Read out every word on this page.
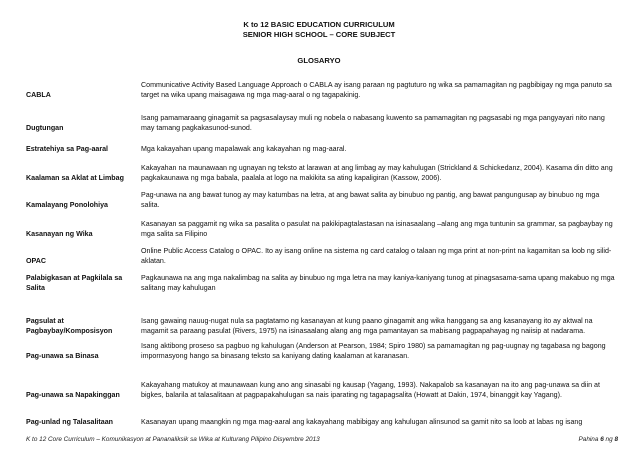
K to 12 BASIC EDUCATION CURRICULUM
SENIOR HIGH SCHOOL – CORE SUBJECT
GLOSARYO
CABLA	Communicative Activity Based Language Approach o CABLA ay isang paraan ng pagtuturo ng wika sa pamamagitan ng pagbibigay ng mga panuto sa target na wika upang maisagawa ng mga mag-aaral o ng tagapakinig.
Dugtungan	Isang pamamaraang ginagamit sa pagsasalaysay muli ng nobela o nabasang kuwento sa pamamagitan ng pagsasabi ng mga pangyayari nito nang may tamang pagkakasunod-sunod.
Estratehiya sa Pag-aaral	Mga kakayahan upang mapalawak ang kakayahan ng mag-aaral.
Kaalaman sa Aklat at Limbag	Kakayahan na maunawaan ng ugnayan ng teksto at larawan at ang limbag ay may kahulugan (Strickland & Schickedanz, 2004). Kasama din ditto ang pagkakaunawa ng mga babala, paalala at logo na makikita sa ating kapaligiran (Kassow, 2006).
Kamalayang Ponolohiya	Pag-unawa na ang bawat tunog ay may katumbas na letra, at ang bawat salita ay binubuo ng pantig, ang bawat pangungusap ay binubuo ng mga salita.
Kasanayan ng Wika	Kasanayan sa paggamit ng wika sa pasalita o pasulat na pakikipagtalastasan na isinasaalang –alang ang mga tuntunin sa grammar, sa pagbaybay ng mga salita sa Filipino
OPAC	Online Public Access Catalog o OPAC. Ito ay isang online na sistema ng card catalog o talaan ng mga print at non-print na kagamitan sa loob ng silid-aklatan.
Palabigkasan at Pagkilala sa Salita	Pagkaunawa na ang mga nakalimbag na salita ay binubuo ng mga letra na may kaniya-kaniyang tunog at pinagsasama-sama upang makabuo ng mga salitang may kahulugan
Pagsulat at Pagbaybay/Komposisyon	Isang gawaing nauug-nugat nula sa pagtatamo ng kasanayan at kung paano ginagamit ang wika hanggang sa ang kasanayang ito ay aktwal na magamit sa paraang pasulat (Rivers, 1975) na isinasaalang alang ang mga pamantayan sa mabisang pagpapahayag ng naiisip at nadarama.
Pag-unawa sa Binasa	Isang aktibong proseso sa pagbuo ng kahulugan (Anderson at Pearson, 1984; Spiro 1980) sa pamamagitan ng pag-uugnay ng tagabasa ng bagong impormasyong hango sa binasang teksto sa kaniyang dating kaalaman at karanasan.
Pag-unawa sa Napakinggan	Kakayahang matukoy at maunawaan kung ano ang sinasabi ng kausap (Yagang, 1993). Nakapalob sa kasanayan na ito ang pag-unawa sa diin at bigkes, balarila at talasalitaan at pagpapakahulugan sa nais iparating ng tagapagsalita (Howatt at Dakin, 1974, binanggit kay Yagang).
Pag-unlad ng Talasalitaan	Kasanayan upang maangkin ng mga mag-aaral ang kakayahang mabibigay ang kahulugan alinsunod sa gamit nito sa loob at labas ng isang
K to 12 Core Curriculum – Komunikasyon at Pananaliksik sa Wika at Kulturang Pilipino Disyembre 2013	Pahina 6 ng 8
